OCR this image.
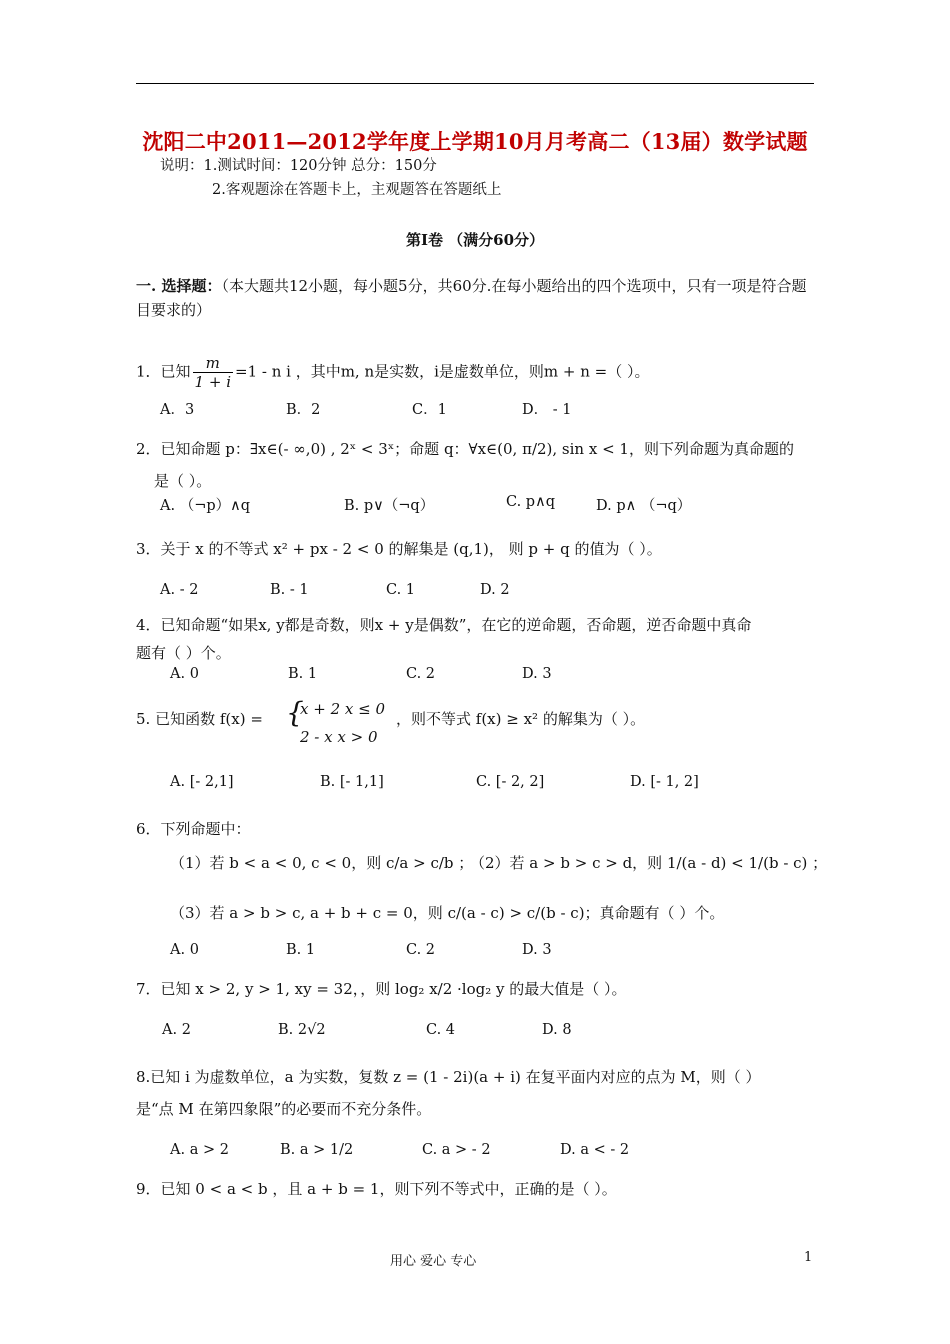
沈阳二中2011—2012学年度上学期10月月考高二（13届）数学试题
说明：1.测试时间：120分钟 总分：150分
2.客观题涂在答题卡上，主观题答在答题纸上
第Ⅰ卷 （满分60分）
一. 选择题：（本大题共12小题，每小题5分，共60分.在每小题给出的四个选项中，只有一项是符合题目要求的）
1．已知 $\frac{m}{1 + i} =1 - n$ i ，其中m, n是实数，i是虚数单位，则m + n =（ ）。
A．3	B．2	C．1	D． - 1
2．已知命题 p：∃x∈(- ∞,0) , 2ˣ < 3ˣ；命题 q：∀x∈(0, π/2), sin x < 1，则下列命题为真命题的
是（ ）。
A. （¬p）∧q	B. p∨（¬q）	C. p∧q	D. p∧ （¬q）
3．关于 x 的不等式 x² + px - 2 < 0 的解集是 (q,1)， 则 p + q 的值为（ ）。
A. - 2	B. - 1	C. 1	D. 2
4．已知命题“如果x, y都是奇数，则x + y是偶数”，在它的逆命题，否命题，逆否命题中真命
题有（ ）个。
A. 0	B. 1	C. 2	D. 3
5. 已知函数 f(x) = {
x + 2 x ≤ 0
2 - x x > 0
，则不等式 f(x) ≥ x² 的解集为（ ）。
A. [- 2,1]	B. [- 1,1]	C. [- 2, 2]	D. [- 1, 2]
6．下列命题中：
（1）若 b < a < 0, c < 0，则 c/a > c/b ；
（2）若 a > b > c > d，则 1/(a - d) < 1/(b - c) ；
（3）若 a > b > c, a + b + c = 0，则 c/(a - c) > c/(b - c)；真命题有（ ）个。
A. 0	B. 1	C. 2	D. 3
7．已知 x > 2, y > 1, xy = 32，，则 log₂ x/2 ·log₂ y 的最大值是（ ）。
A. 2	B. 2√2	C. 4	D. 8
8.已知 i 为虚数单位，a 为实数，复数 z = (1 - 2i)(a + i) 在复平面内对应的点为 M，则（ ）
是“点 M 在第四象限”的必要而不充分条件。
A. a > 2	B. a > 1/2	C. a > - 2	D. a < - 2
9．已知 0 < a < b ，且 a + b = 1，则下列不等式中，正确的是（ ）。
用心 爱心 专心	1
